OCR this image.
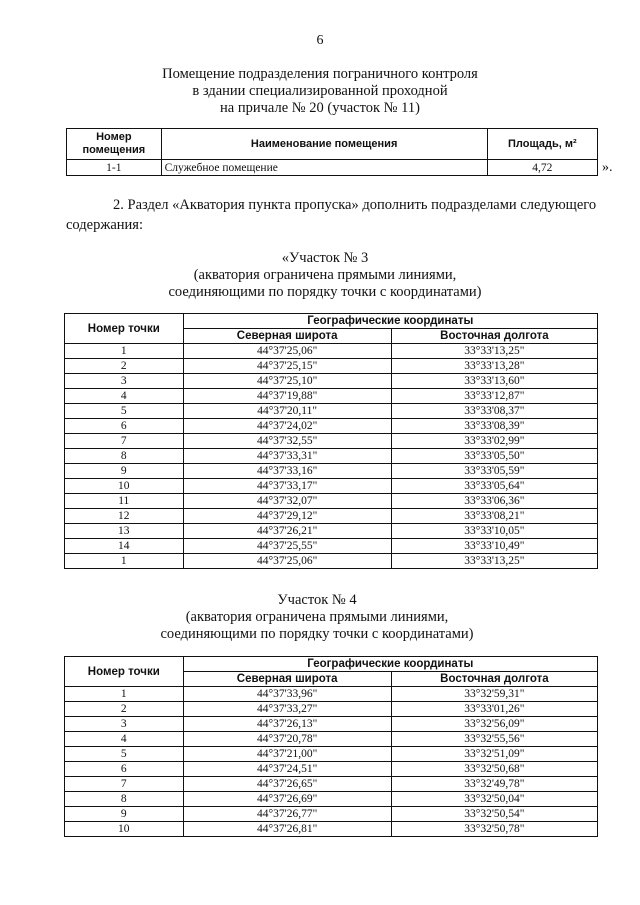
6
Помещение подразделения пограничного контроля
в здании специализированной проходной
на причале № 20 (участок № 11)
Номер помещения	Наименование помещения	Площадь, м²
1-1	Служебное помещение	4,72	».
2. Раздел «Акватория пункта пропуска» дополнить подразделами следующего содержания:
«Участок № 3
(акватория ограничена прямыми линиями,
соединяющими по порядку точки с координатами)
Номер точки	Географические координаты	
	Северная широта	Восточная долгота
1	44°37'25,06"	33°33'13,25"
2	44°37'25,15"	33°33'13,28"
3	44°37'25,10"	33°33'13,60"
4	44°37'19,88"	33°33'12,87"
5	44°37'20,11"	33°33'08,37"
6	44°37'24,02"	33°33'08,39"
7	44°37'32,55"	33°33'02,99"
8	44°37'33,31"	33°33'05,50"
9	44°37'33,16"	33°33'05,59"
10	44°37'33,17"	33°33'05,64"
11	44°37'32,07"	33°33'06,36"
12	44°37'29,12"	33°33'08,21"
13	44°37'26,21"	33°33'10,05"
14	44°37'25,55"	33°33'10,49"
1	44°37'25,06"	33°33'13,25"
Участок № 4
(акватория ограничена прямыми линиями,
соединяющими по порядку точки с координатами)
Номер точки	Географические координаты	
	Северная широта	Восточная долгота
1	44°37'33,96"	33°32'59,31"
2	44°37'33,27"	33°33'01,26"
3	44°37'26,13"	33°32'56,09"
4	44°37'20,78"	33°32'55,56"
5	44°37'21,00"	33°32'51,09"
6	44°37'24,51"	33°32'50,68"
7	44°37'26,65"	33°32'49,78"
8	44°37'26,69"	33°32'50,04"
9	44°37'26,77"	33°32'50,54"
10	44°37'26,81"	33°32'50,78"
